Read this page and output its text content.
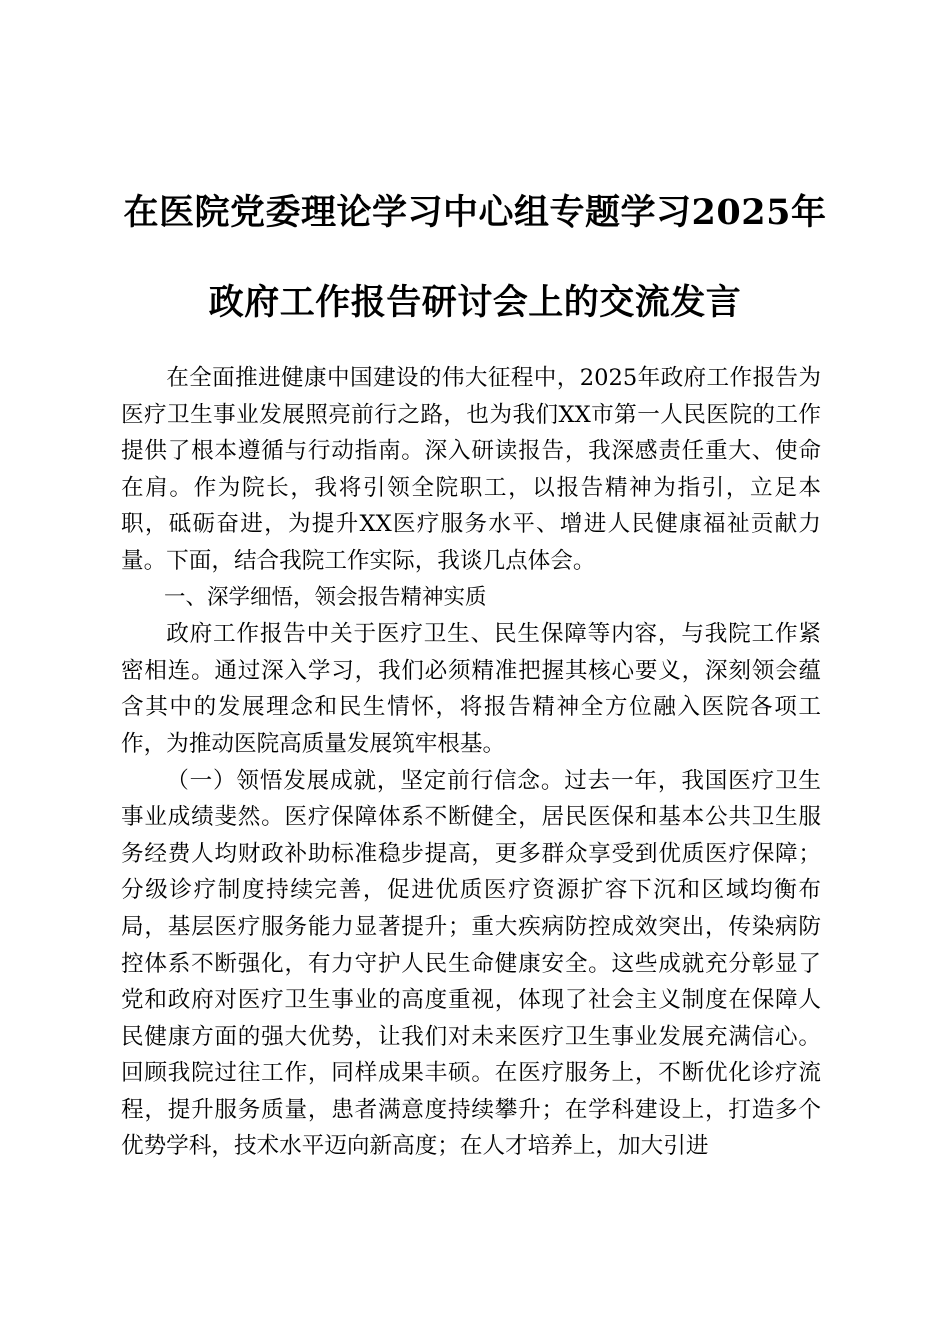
在医院党委理论学习中心组专题学习2025年
政府工作报告研讨会上的交流发言

在全面推进健康中国建设的伟大征程中，2025年政府工作报告为医疗卫生事业发展照亮前行之路，也为我们XX市第一人民医院的工作提供了根本遵循与行动指南。深入研读报告，我深感责任重大、使命在肩。作为院长，我将引领全院职工，以报告精神为指引，立足本职，砥砺奋进，为提升XX医疗服务水平、增进人民健康福祉贡献力量。下面，结合我院工作实际，我谈几点体会。

一、深学细悟，领会报告精神实质

政府工作报告中关于医疗卫生、民生保障等内容，与我院工作紧密相连。通过深入学习，我们必须精准把握其核心要义，深刻领会蕴含其中的发展理念和民生情怀，将报告精神全方位融入医院各项工作，为推动医院高质量发展筑牢根基。

（一）领悟发展成就，坚定前行信念。过去一年，我国医疗卫生事业成绩斐然。医疗保障体系不断健全，居民医保和基本公共卫生服务经费人均财政补助标准稳步提高，更多群众享受到优质医疗保障；分级诊疗制度持续完善，促进优质医疗资源扩容下沉和区域均衡布局，基层医疗服务能力显著提升；重大疾病防控成效突出，传染病防控体系不断强化，有力守护人民生命健康安全。这些成就充分彰显了党和政府对医疗卫生事业的高度重视，体现了社会主义制度在保障人民健康方面的强大优势，让我们对未来医疗卫生事业发展充满信心。回顾我院过往工作，同样成果丰硕。在医疗服务上，不断优化诊疗流程，提升服务质量，患者满意度持续攀升；在学科建设上，打造多个优势学科，技术水平迈向新高度；在人才培养上，加大引进
